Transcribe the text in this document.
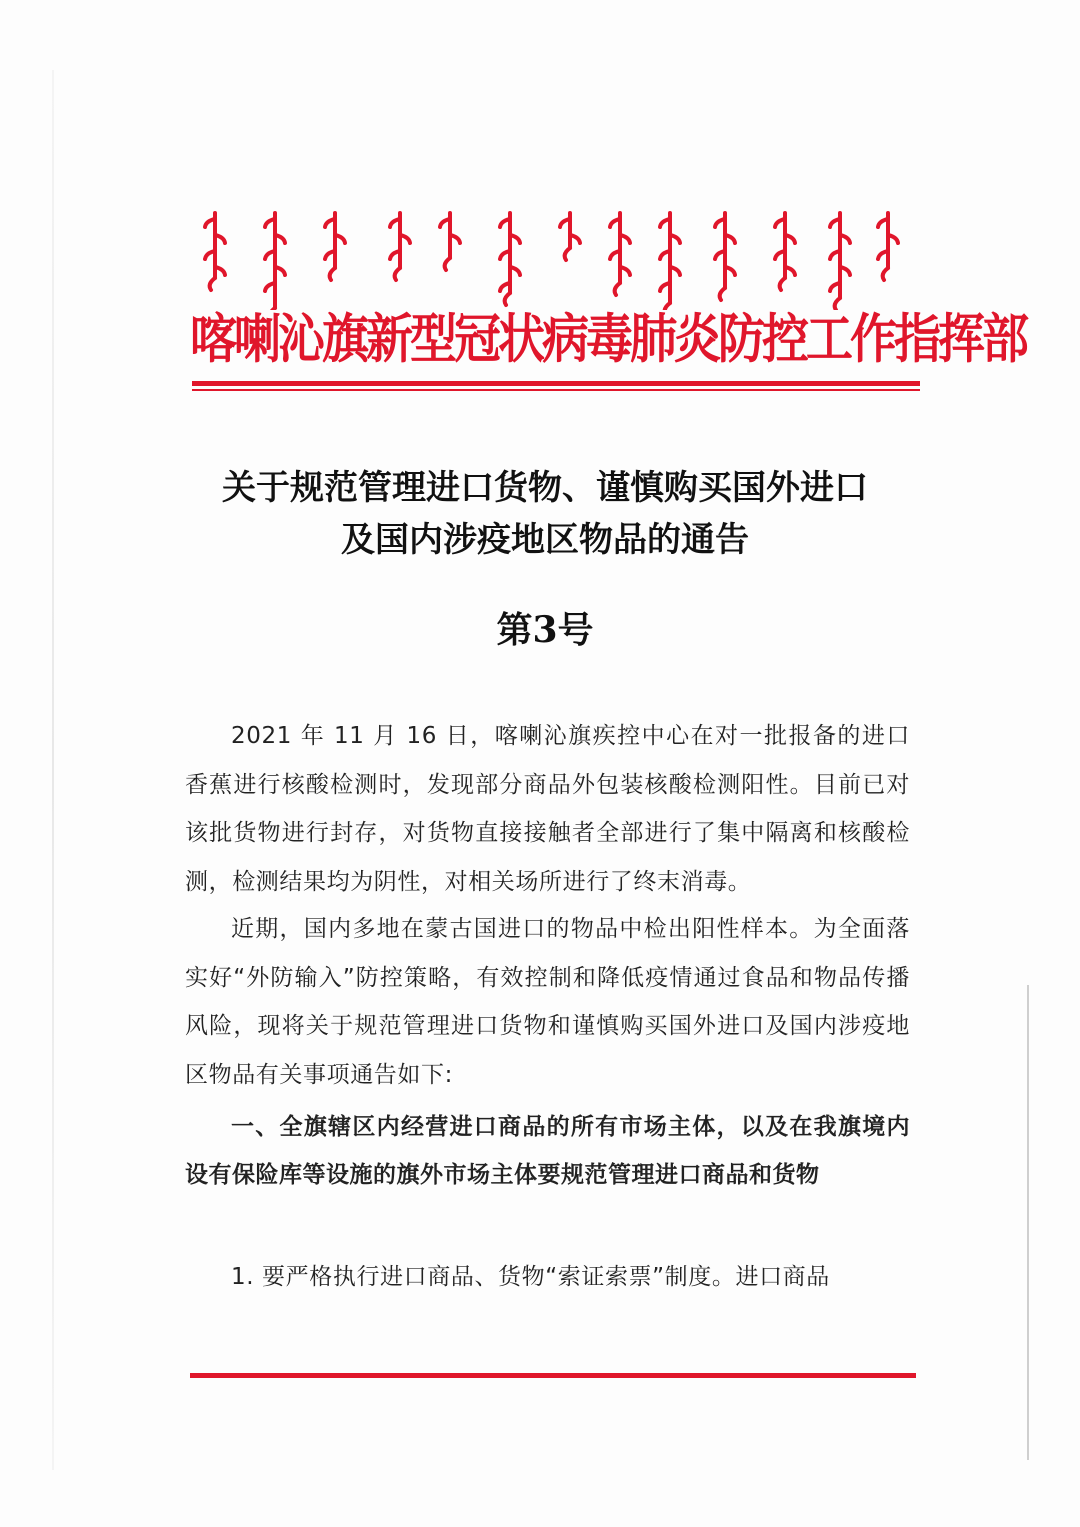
喀喇沁旗新型冠状病毒肺炎防控工作指挥部
关于规范管理进口货物、谨慎购买国外进口
及国内涉疫地区物品的通告
第3号

2021 年 11 月 16 日，喀喇沁旗疾控中心在对一批报备的进口香蕉进行核酸检测时，发现部分商品外包装核酸检测阳性。目前已对该批货物进行封存，对货物直接接触者全部进行了集中隔离和核酸检测，检测结果均为阴性，对相关场所进行了终末消毒。

近期，国内多地在蒙古国进口的物品中检出阳性样本。为全面落实好“外防输入”防控策略，有效控制和降低疫情通过食品和物品传播风险，现将关于规范管理进口货物和谨慎购买国外进口及国内涉疫地区物品有关事项通告如下:

一、全旗辖区内经营进口商品的所有市场主体，以及在我旗境内设有保险库等设施的旗外市场主体要规范管理进口商品和货物

1. 要严格执行进口商品、货物“索证索票”制度。进口商品
